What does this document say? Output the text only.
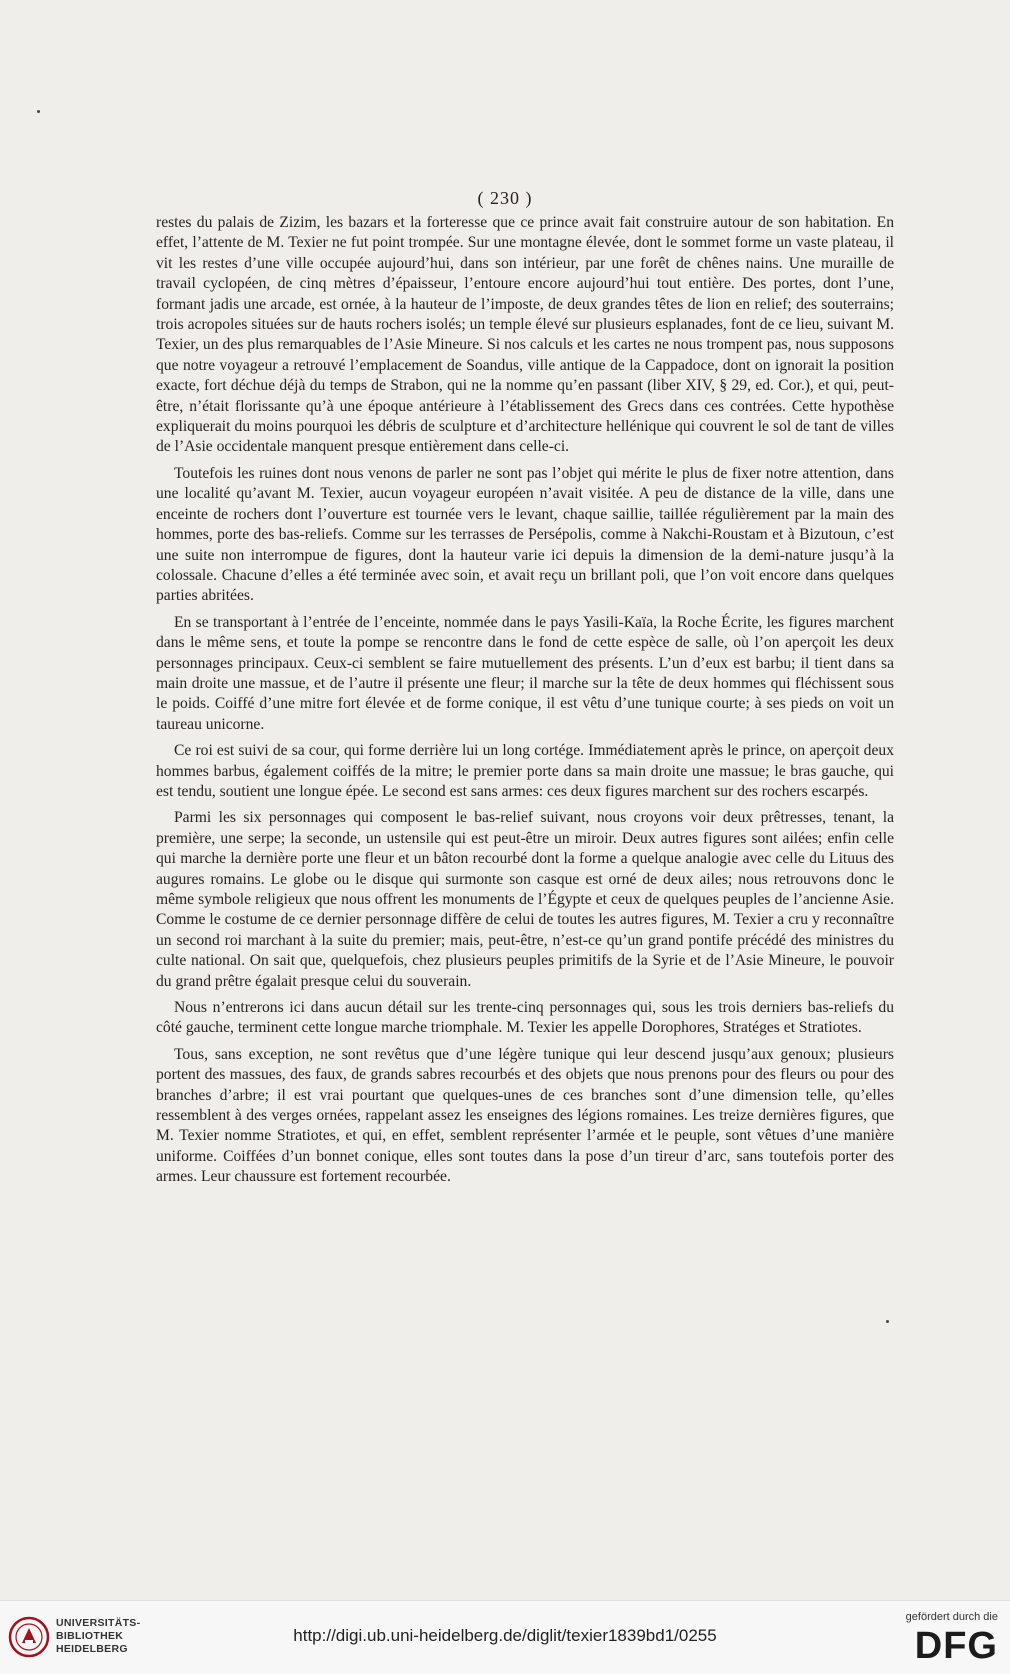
( 230 )

restes du palais de Zizim, les bazars et la forteresse que ce prince avait fait construire autour de son habitation. En effet, l’attente de M. Texier ne fut point trompée. Sur une montagne élevée, dont le sommet forme un vaste plateau, il vit les restes d’une ville occupée aujourd’hui, dans son intérieur, par une forêt de chênes nains. Une muraille de travail cyclopéen, de cinq mètres d’épaisseur, l’entoure encore aujourd’hui tout entière. Des portes, dont l’une, formant jadis une arcade, est ornée, à la hauteur de l’imposte, de deux grandes têtes de lion en relief; des souterrains; trois acropoles situées sur de hauts rochers isolés; un temple élevé sur plusieurs esplanades, font de ce lieu, suivant M. Texier, un des plus remarquables de l’Asie Mineure. Si nos calculs et les cartes ne nous trompent pas, nous supposons que notre voyageur a retrouvé l’emplacement de Soandus, ville antique de la Cappadoce, dont on ignorait la position exacte, fort déchue déjà du temps de Strabon, qui ne la nomme qu’en passant (liber XIV, § 29, ed. Cor.), et qui, peut-être, n’était florissante qu’à une époque antérieure à l’établissement des Grecs dans ces contrées. Cette hypothèse expliquerait du moins pourquoi les débris de sculpture et d’architecture hellénique qui couvrent le sol de tant de villes de l’Asie occidentale manquent presque entièrement dans celle-ci.

Toutefois les ruines dont nous venons de parler ne sont pas l’objet qui mérite le plus de fixer notre attention, dans une localité qu’avant M. Texier, aucun voyageur européen n’avait visitée. A peu de distance de la ville, dans une enceinte de rochers dont l’ouverture est tournée vers le levant, chaque saillie, taillée régulièrement par la main des hommes, porte des bas-reliefs. Comme sur les terrasses de Persépolis, comme à Nakchi-Roustam et à Bizutoun, c’est une suite non interrompue de figures, dont la hauteur varie ici depuis la dimension de la demi-nature jusqu’à la colossale. Chacune d’elles a été terminée avec soin, et avait reçu un brillant poli, que l’on voit encore dans quelques parties abritées.

En se transportant à l’entrée de l’enceinte, nommée dans le pays Yasili-Kaïa, la Roche Écrite, les figures marchent dans le même sens, et toute la pompe se rencontre dans le fond de cette espèce de salle, où l’on aperçoit les deux personnages principaux. Ceux-ci semblent se faire mutuellement des présents. L’un d’eux est barbu; il tient dans sa main droite une massue, et de l’autre il présente une fleur; il marche sur la tête de deux hommes qui fléchissent sous le poids. Coiffé d’une mitre fort élevée et de forme conique, il est vêtu d’une tunique courte; à ses pieds on voit un taureau unicorne.

Ce roi est suivi de sa cour, qui forme derrière lui un long cortége. Immédiatement après le prince, on aperçoit deux hommes barbus, également coiffés de la mitre; le premier porte dans sa main droite une massue; le bras gauche, qui est tendu, soutient une longue épée. Le second est sans armes: ces deux figures marchent sur des rochers escarpés.

Parmi les six personnages qui composent le bas-relief suivant, nous croyons voir deux prêtresses, tenant, la première, une serpe; la seconde, un ustensile qui est peut-être un miroir. Deux autres figures sont ailées; enfin celle qui marche la dernière porte une fleur et un bâton recourbé dont la forme a quelque analogie avec celle du Lituus des augures romains. Le globe ou le disque qui surmonte son casque est orné de deux ailes; nous retrouvons donc le même symbole religieux que nous offrent les monuments de l’Égypte et ceux de quelques peuples de l’ancienne Asie. Comme le costume de ce dernier personnage diffère de celui de toutes les autres figures, M. Texier a cru y reconnaître un second roi marchant à la suite du premier; mais, peut-être, n’est-ce qu’un grand pontife précédé des ministres du culte national. On sait que, quelquefois, chez plusieurs peuples primitifs de la Syrie et de l’Asie Mineure, le pouvoir du grand prêtre égalait presque celui du souverain.

Nous n’entrerons ici dans aucun détail sur les trente-cinq personnages qui, sous les trois derniers bas-reliefs du côté gauche, terminent cette longue marche triomphale. M. Texier les appelle Dorophores, Stratéges et Stratiotes.

Tous, sans exception, ne sont revêtus que d’une légère tunique qui leur descend jusqu’aux genoux; plusieurs portent des massues, des faux, de grands sabres recourbés et des objets que nous prenons pour des fleurs ou pour des branches d’arbre; il est vrai pourtant que quelques-unes de ces branches sont d’une dimension telle, qu’elles ressemblent à des verges ornées, rappelant assez les enseignes des légions romaines. Les treize dernières figures, que M. Texier nomme Stratiotes, et qui, en effet, semblent représenter l’armée et le peuple, sont vêtues d’une manière uniforme. Coiffées d’un bonnet conique, elles sont toutes dans la pose d’un tireur d’arc, sans toutefois porter des armes. Leur chaussure est fortement recourbée.

UNIVERSITÄTS-
BIBLIOTHEK
HEIDELBERG
http://digi.ub.uni-heidelberg.de/diglit/texier1839bd1/0255
gefördert durch die
DFG
